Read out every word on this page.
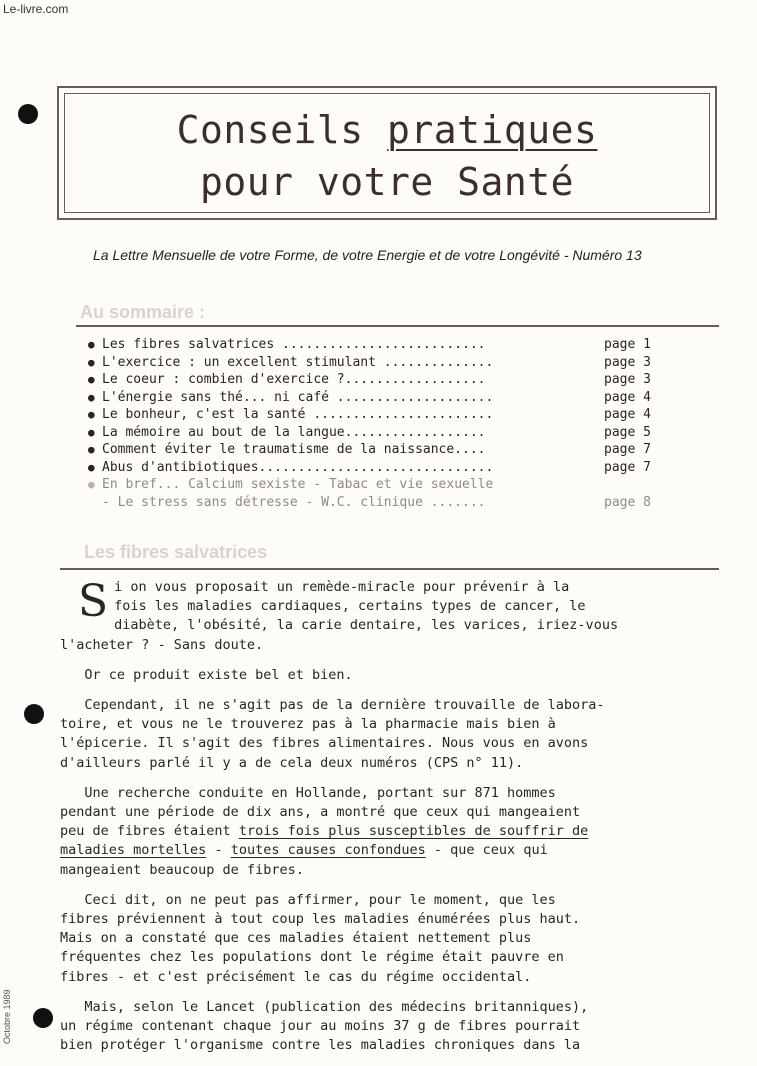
Le-livre.com
Conseils pratiques
pour votre Santé
La Lettre Mensuelle de votre Forme, de votre Energie et de votre Longévité - Numéro 13
Au sommaire :
● Les fibres salvatrices ..........................	page 1
● L'exercice : un excellent stimulant ..............	page 3
● Le coeur : combien d'exercice ?..................	page 3
● L'énergie sans thé... ni café ....................	page 4
● Le bonheur, c'est la santé .......................	page 4
● La mémoire au bout de la langue..................	page 5
● Comment éviter le traumatisme de la naissance....	page 7
● Abus d'antibiotiques..............................	page 7
● En bref... Calcium sexiste - Tabac et vie sexuelle
- Le stress sans détresse - W.C. clinique .......	page 8
Les fibres salvatrices

Si on vous proposait un remède-miracle pour prévenir à la
fois les maladies cardiaques, certains types de cancer, le
diabète, l'obésité, la carie dentaire, les varices, iriez-vous
l'acheter ? - Sans doute.

Or ce produit existe bel et bien.

Cependant, il ne s'agit pas de la dernière trouvaille de labora-
toire, et vous ne le trouverez pas à la pharmacie mais bien à
l'épicerie. Il s'agit des fibres alimentaires. Nous vous en avons
d'ailleurs parlé il y a de cela deux numéros (CPS n° 11).

Une recherche conduite en Hollande, portant sur 871 hommes
pendant une période de dix ans, a montré que ceux qui mangeaient
peu de fibres étaient trois fois plus susceptibles de souffrir de
maladies mortelles - toutes causes confondues - que ceux qui
mangeaient beaucoup de fibres.

Ceci dit, on ne peut pas affirmer, pour le moment, que les
fibres préviennent à tout coup les maladies énumérées plus haut.
Mais on a constaté que ces maladies étaient nettement plus
fréquentes chez les populations dont le régime était pauvre en
fibres - et c'est précisément le cas du régime occidental.

Mais, selon le Lancet (publication des médecins britanniques),
un régime contenant chaque jour au moins 37 g de fibres pourrait
bien protéger l'organisme contre les maladies chroniques dans la

Octobre 1989
